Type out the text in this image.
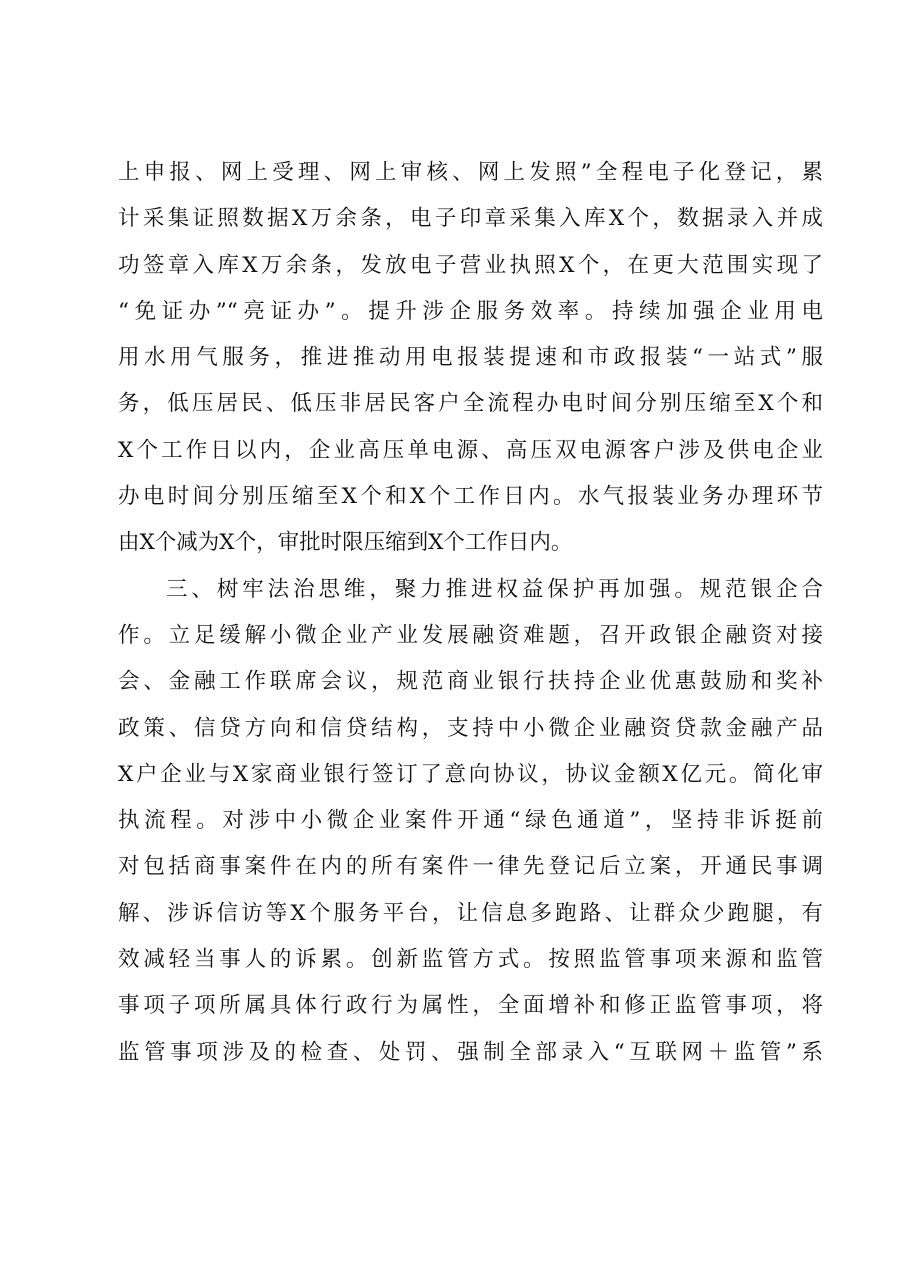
上申报、网上受理、网上审核、网上发照”全程电子化登记，累
计采集证照数据X万余条，电子印章采集入库X个，数据录入并成
功签章入库X万余条，发放电子营业执照X个，在更大范围实现了
“免证办”“亮证办”。提升涉企服务效率。持续加强企业用电
用水用气服务，推进推动用电报装提速和市政报装“一站式”服
务，低压居民、低压非居民客户全流程办电时间分别压缩至X个和
X个工作日以内，企业高压单电源、高压双电源客户涉及供电企业
办电时间分别压缩至X个和X个工作日内。水气报装业务办理环节
由X个减为X个，审批时限压缩到X个工作日内。
三、树牢法治思维，聚力推进权益保护再加强。规范银企合
作。立足缓解小微企业产业发展融资难题，召开政银企融资对接
会、金融工作联席会议，规范商业银行扶持企业优惠鼓励和奖补
政策、信贷方向和信贷结构，支持中小微企业融资贷款金融产品
X户企业与X家商业银行签订了意向协议，协议金额X亿元。简化审
执流程。对涉中小微企业案件开通“绿色通道”，坚持非诉挺前
对包括商事案件在内的所有案件一律先登记后立案，开通民事调
解、涉诉信访等X个服务平台，让信息多跑路、让群众少跑腿，有
效减轻当事人的诉累。创新监管方式。按照监管事项来源和监管
事项子项所属具体行政行为属性，全面增补和修正监管事项，将
监管事项涉及的检查、处罚、强制全部录入“互联网＋监管”系
